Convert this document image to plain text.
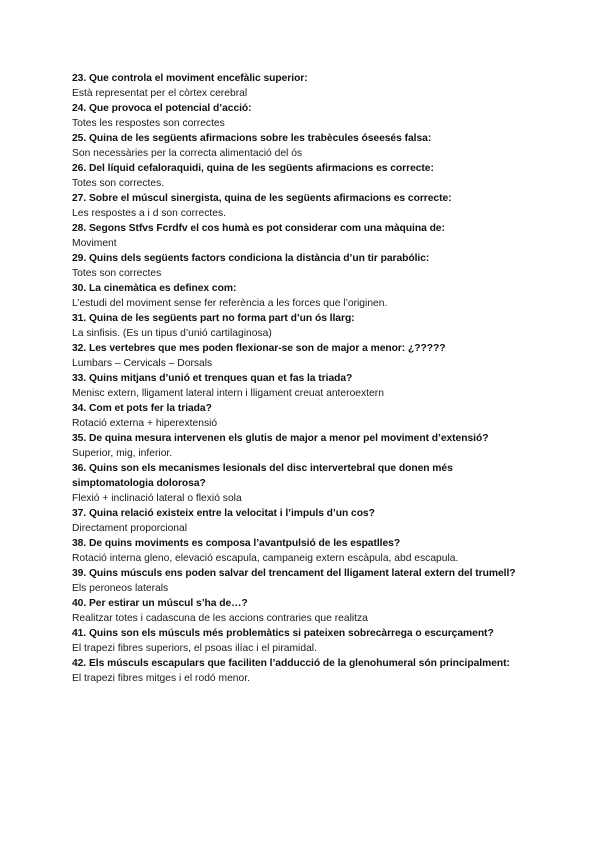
23. Que controla el moviment encefàlic superior:

Està representat per el còrtex cerebral

24. Que provoca el potencial d’acció:

Totes les respostes son correctes

25. Quina de les següents afirmacions sobre les trabècules óseesés falsa:

Son necessàries per la correcta alimentació del ós

26. Del líquid cefaloraquidi, quina de les següents afirmacions es correcte:

Totes son correctes.

27. Sobre el múscul sinergista, quina de les següents afirmacions es correcte:

Les respostes a i d son correctes.

28. Segons Stfvs Fcrdfv el cos humà es pot considerar com una màquina de:

Moviment

29. Quins dels següents factors condiciona la distància d’un tir parabólic:

Totes son correctes

30. La cinemàtica es definex com:

L’estudi del moviment sense fer referència a les forces que l’originen.

31. Quina de les següents part no forma part d’un ós llarg:

La sinfisis. (Es un tipus d’unió cartilaginosa)

32. Les vertebres que mes poden flexionar-se son de major a menor: ¿?????

Lumbars – Cervicals – Dorsals

33. Quins mitjans d’unió et trenques quan et fas la triada?

Menisc extern, lligament lateral intern i lligament creuat anteroextern

34. Com et pots fer la triada?

Rotació externa + hiperextensió

35. De quina mesura intervenen els glutis de major a menor pel moviment d’extensió?

Superior, mig, inferior.

36. Quins son els mecanismes lesionals del disc intervertebral que donen més simptomatologia dolorosa?

Flexió + inclinació lateral o flexió sola

37. Quina relació existeix entre la velocitat i l’impuls d’un cos?

Directament proporcional

38. De quins moviments es composa l’avantpulsió de les espatlles?

Rotació interna gleno, elevació escapula, campaneig extern escàpula, abd escapula.

39. Quins músculs ens poden salvar del trencament del lligament lateral extern del trumell?

Els peroneos laterals

40. Per estirar un múscul s’ha de…?

Realitzar totes i cadascuna de les accions contraries que realitza

41. Quins son els músculs més problemàtics si pateixen sobrecàrrega o escurçament?

El trapezi fibres superiors, el psoas ilíac i el piramidal.

42. Els músculs escapulars que faciliten l’adducció de la glenohumeral són principalment:

El trapezi fibres mitges i el rodó menor.
